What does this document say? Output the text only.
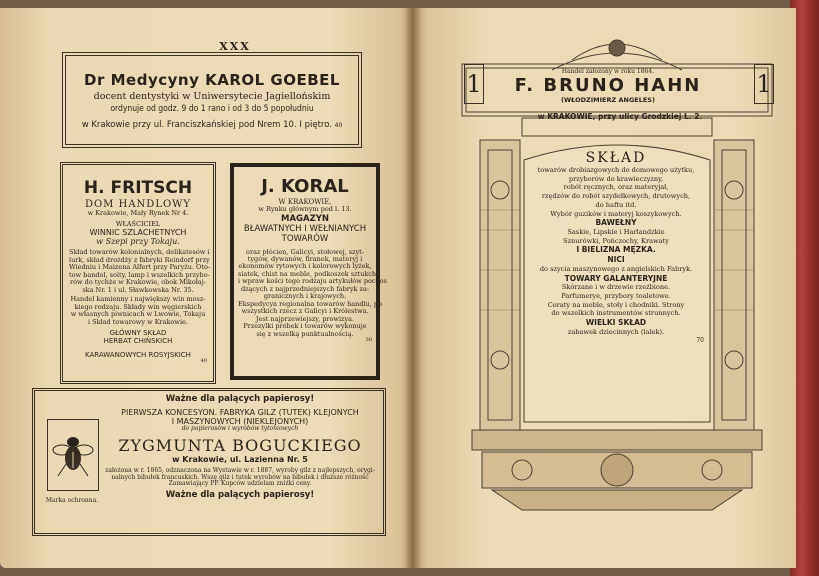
XXX
Dr Medycyny KAROL GOEBEL
docent dentystyki w Uniwersytecie Jagiellońskim
ordynuje od godz. 9 do 1 rano i od 3 do 5 popołudniu
w Krakowie przy ul. Franciszkańskiej pod Nrem 10. I piętro. 40
H. FRITSCH
DOM HANDLOWY
w Krakowie, Mały Rynek Nr 4.
WŁAŚCICIEL
WINNIC SZLACHETNYCH
w Szepi przy Tokaju.
Skład towarów kolonialnych, delikatesów i
lurk, skład drożdży z fabryki Reindorf przy
Wiedniu i Maizena Alfert przy Paryżu. Oto-
tow bandol, soity, lamp i wszelkich przybo-
rów do tychże w Krakowie, obok Mikołaj-
ska Nr. 1 i ul. Sławkowska Nr. 35.
Handel kamienny i największy win mosz-
kiego rodzaju. Składy win węgierskich
w własnych piwnicach w Lwowie, Tokaju
i Skład towarowy w Krakowie.
GŁÓWNY SKŁAD
HERBAT CHIŃSKICH
KARAWANOWYCH ROSYJSKICH
40
J. KORAL
W KRAKOWIE,
w Rynku głównym pod l. 13.
MAGAZYN
BŁAWATNYCH I WEŁNIANYCH
TOWARÓW
oraz płócien, Galicyi, stołowej, szyt-
tygów, dywanów, firanek, materyj i
ekonomów rytowych i kolorowych lyżek,
siatek, chist na meble, podkoszek sztukch
i wpraw kości tego rodzaju artykułów pochos
dzących z najprzedniejszych fabryk za-
granicznych i krajowych.
Ekspedycya regionalna towarów handlu, po
wszystkich rzecz z Galicyi i Królestwa.
Jest najprzewiejszy, prowizya.
Przezylki próbek i towarów wykonuje
się z wszelką punktualnością.
30
Marka ochronna.
Ważne dla palących papierosy!
PIERWSZA KONCESYON. FABRYKA GILZ (TUTEK) KLEJONYCH
I MASZYNOWYCH (NIEKLEJONYCH)
do papierosów i wyrobów tytoniowych
ZYGMUNTA BOGUCKIEGO
w Krakowie, ul. Lazienna Nr. 5
założona w r. 1865, odznaczona na Wystawie w r. 1887, wyroby gilz z najlepszych, orygi-
nalnych bibułek francuskich. Wszę gilz i tutek wyrobów na bibułek i dłuższe różność
Zamawiający PP. Kupców udzielam zniżki ceny.
Ważne dla palących papierosy!
1	1
Handel założony w roku 1864.
F. BRUNO HAHN
(WŁODZIMIERZ ANGELES)
w KRAKOWIE, przy ulicy Grodzkiej L. 2.
SKŁAD
towarów drobiazgowych do domowego użytku,
przyborów do krawieczyzny,
robót ręcznych, oraz materyjał,
rzędzów do robót szydełkowych, drutowych,
do haftu itd.
Wybór guzików i materyj koszykowych.
BAWEŁNY
Saskie, Lipskie i Harlandzkie
Sznurówki, Pończochy, Krawaty
I BIELIZNA MĘZKA.
NICI
do szycia maszynowego z angielskich Fabryk.
TOWARY GALANTERYJNE
Skórzane i w drzewie rzeźbione.
Parfumerye, przybory toaletowe.
Ceraty na meble, stoły i chodniki. Strony
do wszelkich instrumentów strunnych.
WIELKI SKŁAD
zabawek dziecinnych (lalek).
70
